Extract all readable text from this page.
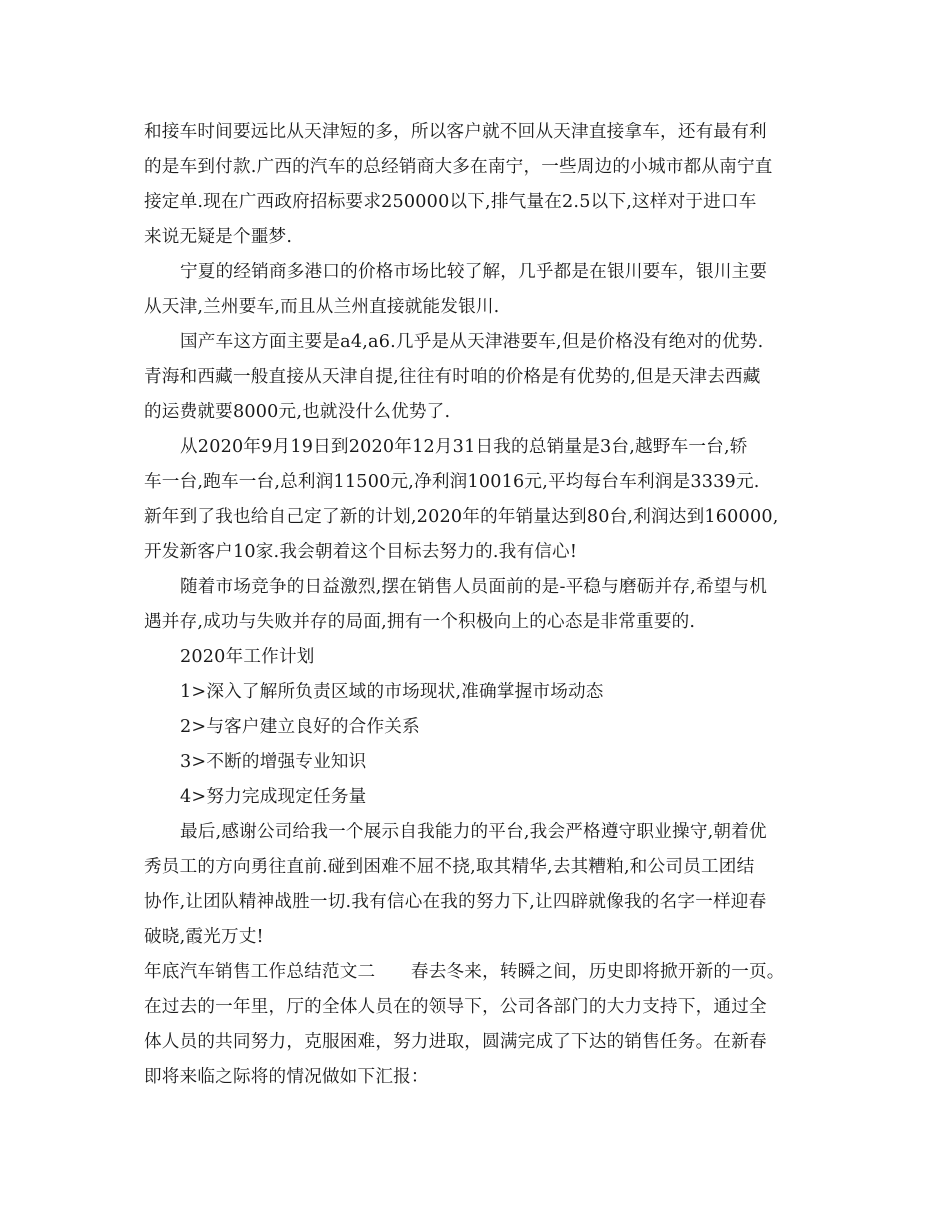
和接车时间要远比从天津短的多，所以客户就不回从天津直接拿车，还有最有利
的是车到付款.广西的汽车的总经销商大多在南宁，一些周边的小城市都从南宁直
接定单.现在广西政府招标要求250000以下,排气量在2.5以下,这样对于进口车
来说无疑是个噩梦.
宁夏的经销商多港口的价格市场比较了解，几乎都是在银川要车，银川主要
从天津,兰州要车,而且从兰州直接就能发银川.
国产车这方面主要是a4,a6.几乎是从天津港要车,但是价格没有绝对的优势.
青海和西藏一般直接从天津自提,往往有时咱的价格是有优势的,但是天津去西藏
的运费就要8000元,也就没什么优势了.
从2020年9月19日到2020年12月31日我的总销量是3台,越野车一台,轿
车一台,跑车一台,总利润11500元,净利润10016元,平均每台车利润是3339元.
新年到了我也给自己定了新的计划,2020年的年销量达到80台,利润达到160000,
开发新客户10家.我会朝着这个目标去努力的.我有信心!
随着市场竞争的日益激烈,摆在销售人员面前的是-平稳与磨砺并存,希望与机
遇并存,成功与失败并存的局面,拥有一个积极向上的心态是非常重要的.
2020年工作计划
1>深入了解所负责区域的市场现状,准确掌握市场动态
2>与客户建立良好的合作关系
3>不断的增强专业知识
4>努力完成现定任务量
最后,感谢公司给我一个展示自我能力的平台,我会严格遵守职业操守,朝着优
秀员工的方向勇往直前.碰到困难不屈不挠,取其精华,去其糟粕,和公司员工团结
协作,让团队精神战胜一切.我有信心在我的努力下,让四辟就像我的名字一样迎春
破晓,霞光万丈!
年底汽车销售工作总结范文二　　春去冬来，转瞬之间，历史即将掀开新的一页。
在过去的一年里，厅的全体人员在的领导下，公司各部门的大力支持下，通过全
体人员的共同努力，克服困难，努力进取，圆满完成了下达的销售任务。在新春
即将来临之际将的情况做如下汇报：
